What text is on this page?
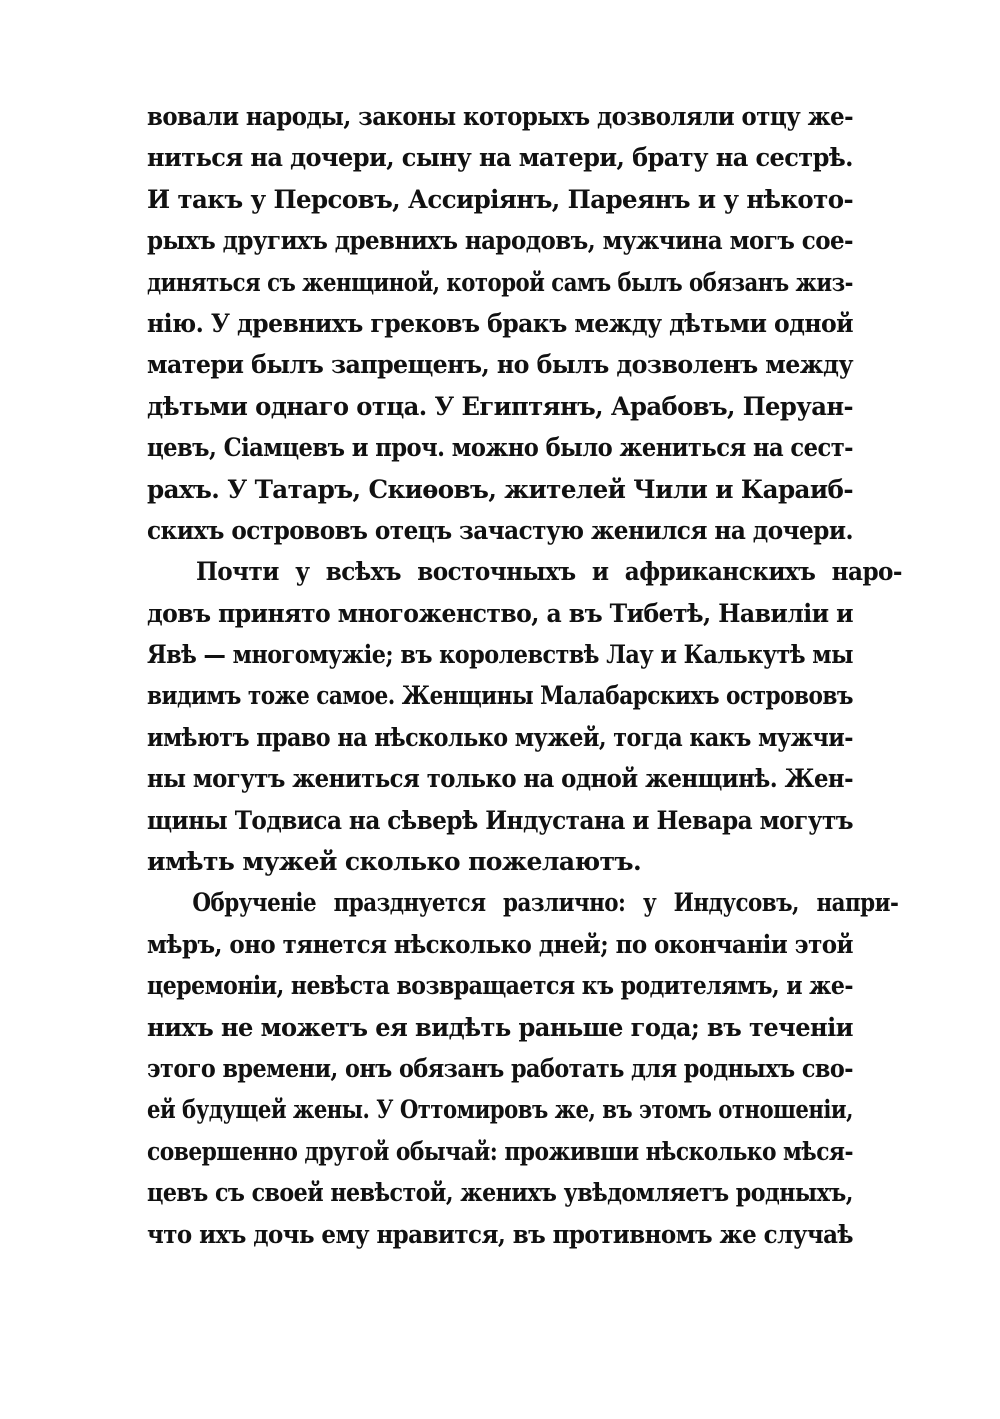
вовали народы, законы которыхъ дозволяли отцу же-
ниться на дочери, сыну на матери, брату на сестрѣ.
И такъ у Персовъ, Ассиріянъ, Пареянъ и у нѣкото-
рыхъ другихъ древнихъ народовъ, мужчина могъ сое-
диняться съ женщиной, которой самъ былъ обязанъ жиз-
нію. У древнихъ грековъ бракъ между дѣтьми одной
матери былъ запрещенъ, но былъ дозволенъ между
дѣтьми однаго отца. У Египтянъ, Арабовъ, Перуан-
цевъ, Сіамцевъ и проч. можно было жениться на сест-
рахъ. У Татаръ, Скиѳовъ, жителей Чили и Караиб-
скихъ острововъ отецъ зачастую женился на дочери.
Почти у всѣхъ восточныхъ и африканскихъ наро-
довъ принято многоженство, а въ Тибетѣ, Навиліи и
Явѣ — многомужіе; въ королевствѣ Лау и Калькутѣ мы
видимъ тоже самое. Женщины Малабарскихъ острововъ
имѣютъ право на нѣсколько мужей, тогда какъ мужчи-
ны могутъ жениться только на одной женщинѣ. Жен-
щины Тодвиса на сѣверѣ Индустана и Невара могутъ
имѣть мужей сколько пожелаютъ.
Обрученіе празднуется различно: у Индусовъ, напри-
мѣръ, оно тянется нѣсколько дней; по окончаніи этой
церемоніи, невѣста возвращается къ родителямъ, и же-
нихъ не можетъ ея видѣть раньше года; въ теченіи
этого времени, онъ обязанъ работать для родныхъ сво-
ей будущей жены. У Оттомировъ же, въ этомъ отношеніи,
совершенно другой обычай: проживши нѣсколько мѣся-
цевъ съ своей невѣстой, женихъ увѣдомляетъ родныхъ,
что ихъ дочь ему нравится, въ противномъ же случаѣ
